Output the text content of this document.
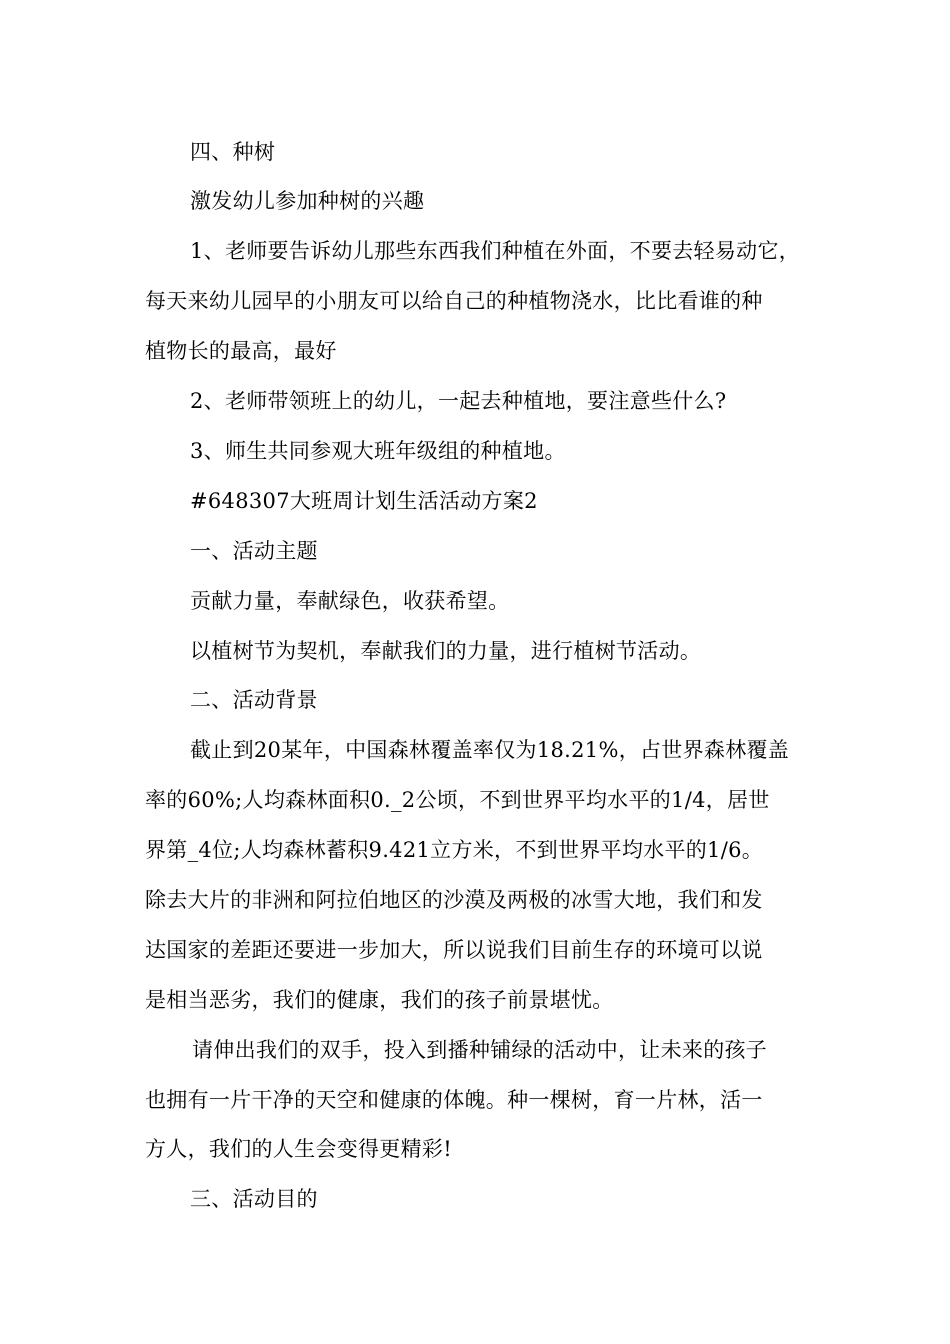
四、种树
激发幼儿参加种树的兴趣
1、老师要告诉幼儿那些东西我们种植在外面，不要去轻易动它，
每天来幼儿园早的小朋友可以给自己的种植物浇水，比比看谁的种
植物长的最高，最好
2、老师带领班上的幼儿，一起去种植地，要注意些什么?
3、师生共同参观大班年级组的种植地。
#648307大班周计划生活活动方案2
一、活动主题
贡献力量，奉献绿色，收获希望。
以植树节为契机，奉献我们的力量，进行植树节活动。
二、活动背景
截止到20某年，中国森林覆盖率仅为18.21%，占世界森林覆盖
率的60%;人均森林面积0._2公顷，不到世界平均水平的1/4，居世
界第_4位;人均森林蓄积9.421立方米，不到世界平均水平的1/6。
除去大片的非洲和阿拉伯地区的沙漠及两极的冰雪大地，我们和发
达国家的差距还要进一步加大，所以说我们目前生存的环境可以说
是相当恶劣，我们的健康，我们的孩子前景堪忧。
请伸出我们的双手，投入到播种铺绿的活动中，让未来的孩子
也拥有一片干净的天空和健康的体魄。种一棵树，育一片林，活一
方人，我们的人生会变得更精彩!
三、活动目的
